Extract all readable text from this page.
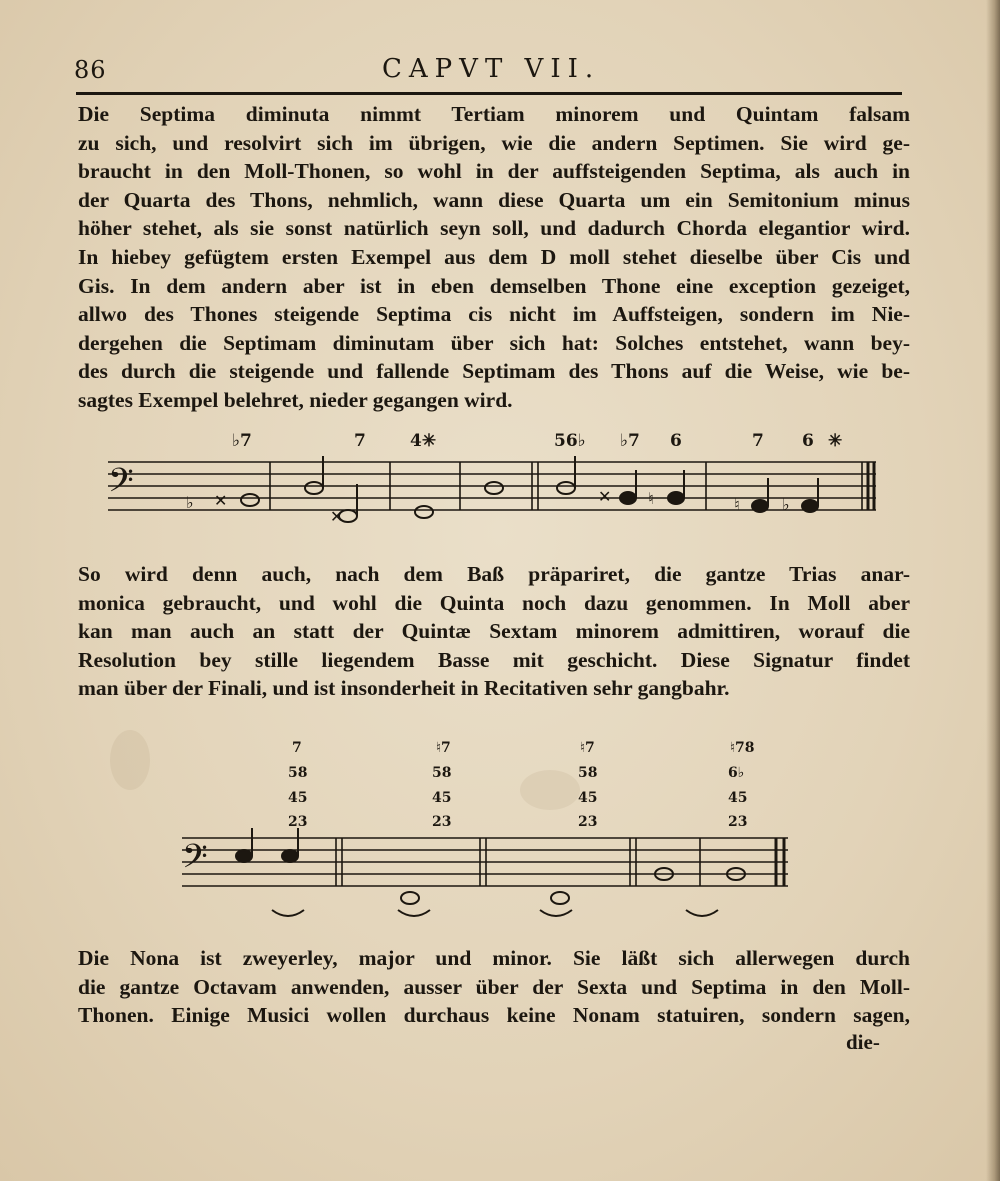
86	CAPVT VII.
Die Septima diminuta nimmt Tertiam minorem und Quintam falsam
zu sich, und resolvirt sich im übrigen, wie die andern Septimen. Sie wird ge-
braucht in den Moll-Thonen, so wohl in der auffsteigenden Septima, als auch in
der Quarta des Thons, nehmlich, wann diese Quarta um ein Semitonium minus
höher stehet, als sie sonst natürlich seyn soll, und dadurch Chorda elegantior wird.
In hiebey gefügtem ersten Exempel aus dem D moll stehet dieselbe über Cis und
Gis. In dem andern aber ist in eben demselben Thone eine exception gezeiget,
allwo des Thones steigende Septima cis nicht im Auffsteigen, sondern im Nie-
dergehen die Septimam diminutam über sich hat: Solches entstehet, wann bey-
des durch die steigende und fallende Septimam des Thons auf die Weise, wie be-
sagtes Exempel belehret, nieder gegangen wird.
𝄢	♭ ✕
✕
✕ ♮	♮	♭
♭7	7	4✳	56♭ ♭7 6	7 6 ✳
𝄢
7
58
45
23
♮7
58
45
23
♮7
58
45
23
♮78
6♭
45
23
So wird denn auch, nach dem Baß präpariret, die gantze Trias anar-
monica gebraucht, und wohl die Quinta noch dazu genommen. In Moll aber
kan man auch an statt der Quintæ Sextam minorem admittiren, worauf die
Resolution bey stille liegendem Basse mit geschicht. Diese Signatur findet
man über der Finali, und ist insonderheit in Recitativen sehr gangbahr.
Die Nona ist zweyerley, major und minor. Sie läßt sich allerwegen durch
die gantze Octavam anwenden, ausser über der Sexta und Septima in den Moll-
Thonen. Einige Musici wollen durchaus keine Nonam statuiren, sondern sagen,
die-
